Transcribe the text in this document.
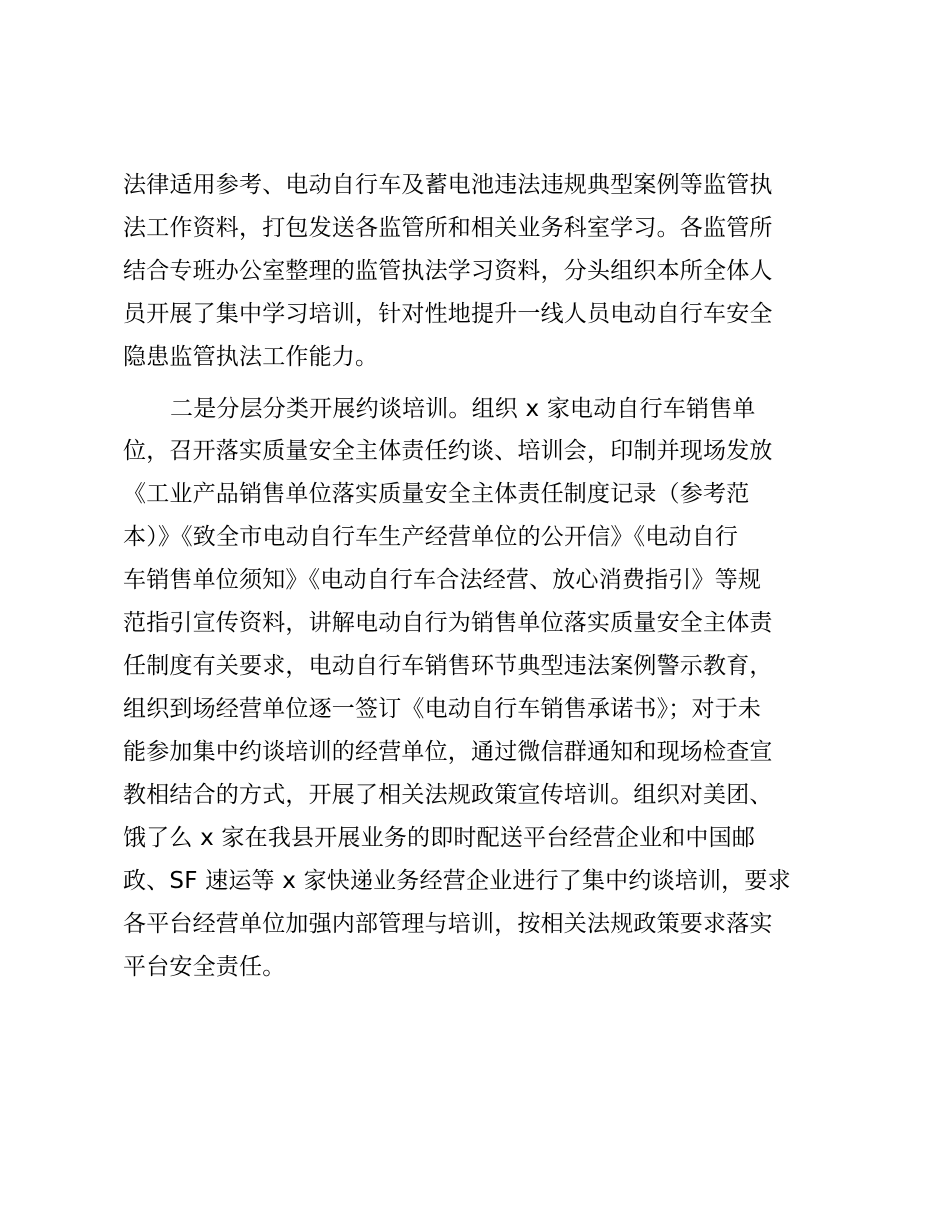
法律适用参考、电动自行车及蓄电池违法违规典型案例等监管执
法工作资料，打包发送各监管所和相关业务科室学习。各监管所
结合专班办公室整理的监管执法学习资料，分头组织本所全体人
员开展了集中学习培训，针对性地提升一线人员电动自行车安全
隐患监管执法工作能力。
二是分层分类开展约谈培训。组织 x 家电动自行车销售单
位，召开落实质量安全主体责任约谈、培训会，印制并现场发放
《工业产品销售单位落实质量安全主体责任制度记录（参考范
本）》《致全市电动自行车生产经营单位的公开信》《电动自行
车销售单位须知》《电动自行车合法经营、放心消费指引》等规
范指引宣传资料，讲解电动自行为销售单位落实质量安全主体责
任制度有关要求，电动自行车销售环节典型违法案例警示教育，
组织到场经营单位逐一签订《电动自行车销售承诺书》；对于未
能参加集中约谈培训的经营单位，通过微信群通知和现场检查宣
教相结合的方式，开展了相关法规政策宣传培训。组织对美团、
饿了么 x 家在我县开展业务的即时配送平台经营企业和中国邮
政、SF 速运等 x 家快递业务经营企业进行了集中约谈培训，要求
各平台经营单位加强内部管理与培训，按相关法规政策要求落实
平台安全责任。
